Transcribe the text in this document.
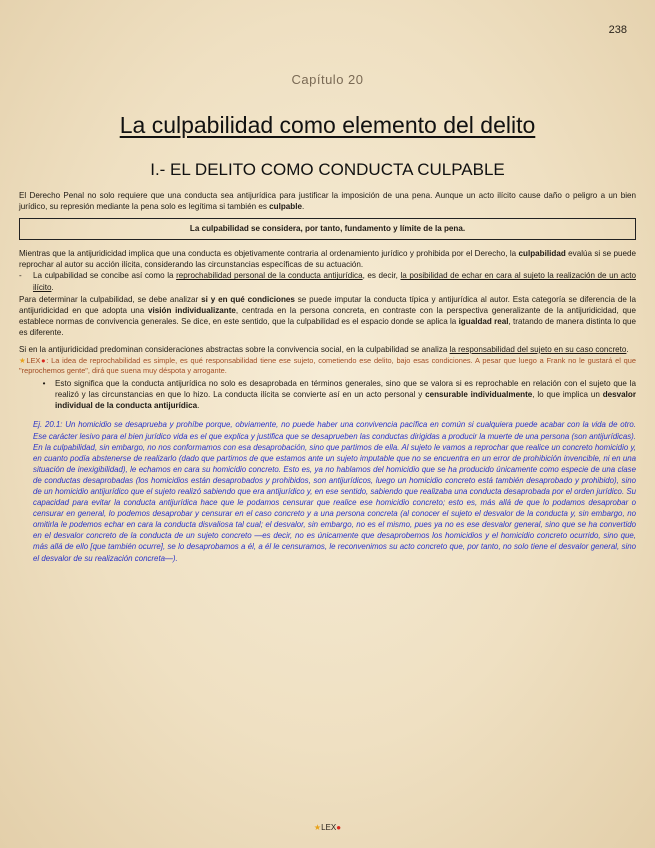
238
Capítulo 20
La culpabilidad como elemento del delito
I.- EL DELITO COMO CONDUCTA CULPABLE

El Derecho Penal no solo requiere que una conducta sea antijurídica para justificar la imposición de una pena. Aunque un acto ilícito cause daño o peligro a un bien jurídico, su represión mediante la pena solo es legítima si también es culpable.

La culpabilidad se considera, por tanto, fundamento y límite de la pena.

Mientras que la antijuridicidad implica que una conducta es objetivamente contraria al ordenamiento jurídico y prohibida por el Derecho, la culpabilidad evalúa si se puede reprochar al autor su acción ilícita, considerando las circunstancias específicas de su actuación.

-	La culpabilidad se concibe así como la reprochabilidad personal de la conducta antijurídica, es decir, la posibilidad de echar en cara al sujeto la realización de un acto ilícito.

Para determinar la culpabilidad, se debe analizar si y en qué condiciones se puede imputar la conducta típica y antijurídica al autor. Esta categoría se diferencia de la antijuridicidad en que adopta una visión individualizante, centrada en la persona concreta, en contraste con la perspectiva generalizante de la antijuridicidad, que establece normas de convivencia generales. Se dice, en este sentido, que la culpabilidad es el espacio donde se aplica la igualdad real, tratando de manera distinta lo que es diferente.

Si en la antijuridicidad predominan consideraciones abstractas sobre la convivencia social, en la culpabilidad se analiza la responsabilidad del sujeto en su caso concreto.

★LEX●: La idea de reprochabilidad es simple, es qué responsabilidad tiene ese sujeto, cometiendo ese delito, bajo esas condiciones. A pesar que luego a Frank no le gustará el que "reprochemos gente", dirá que suena muy déspota y arrogante.

•	Esto significa que la conducta antijurídica no solo es desaprobada en términos generales, sino que se valora si es reprochable en relación con el sujeto que la realizó y las circunstancias en que lo hizo. La conducta ilícita se convierte así en un acto personal y censurable individualmente, lo que implica un desvalor individual de la conducta antijurídica.

Ej. 20.1: Un homicidio se desaprueba y prohíbe porque, obviamente, no puede haber una convivencia pacífica en común si cualquiera puede acabar con la vida de otro. Ese carácter lesivo para el bien jurídico vida es el que explica y justifica que se desaprueben las conductas dirigidas a producir la muerte de una persona (son antijurídicas). En la culpabilidad, sin embargo, no nos conformamos con esa desaprobación, sino que partimos de ella. Al sujeto le vamos a reprochar que realice un concreto homicidio y, en cuanto podía abstenerse de realizarlo (dado que partimos de que estamos ante un sujeto imputable que no se encuentra en un error de prohibición invencible, ni en una situación de inexigibilidad), le echamos en cara su homicidio concreto. Esto es, ya no hablamos del homicidio que se ha producido únicamente como especie de una clase de conductas desaprobadas (los homicidios están desaprobados y prohibidos, son antijurídicos, luego un homicidio concreto está también desaprobado y prohibido), sino de un homicidio antijurídico que el sujeto realizó sabiendo que era antijurídico y, en ese sentido, sabiendo que realizaba una conducta desaprobada por el orden jurídico. Su capacidad para evitar la conducta antijurídica hace que le podamos censurar que realice ese homicidio concreto; esto es, más allá de que lo podamos desaprobar o censurar en general, lo podemos desaprobar y censurar en el caso concreto y a una persona concreta (al conocer el sujeto el desvalor de la conducta y, sin embargo, no omitirla le podemos echar en cara la conducta disvaliosa tal cual; el desvalor, sin embargo, no es el mismo, pues ya no es ese desvalor general, sino que se ha convertido en el desvalor concreto de la conducta de un sujeto concreto —es decir, no es únicamente que desaprobemos los homicidios y el homicidio concreto ocurrido, sino que, más allá de ello [que también ocurre], se lo desaprobamos a él, a él le censuramos, le reconvenimos su acto concreto que, por tanto, no solo tiene el desvalor general, sino el desvalor de su realización concreta—).

★LEX●
